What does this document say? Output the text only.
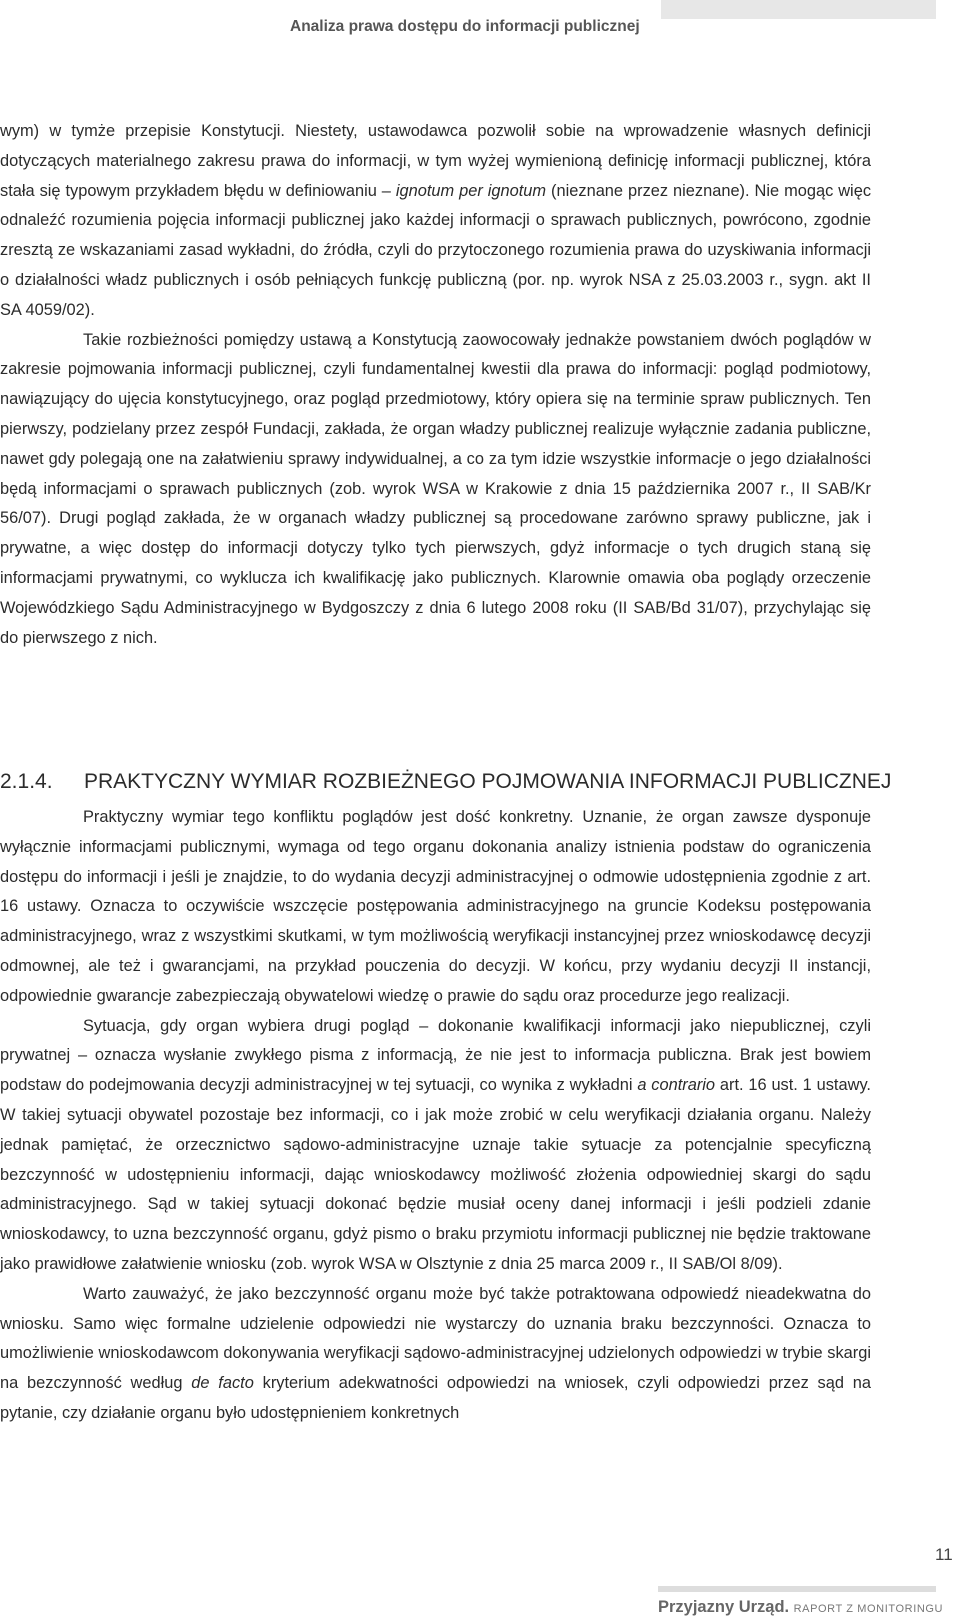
Analiza prawa dostępu do informacji publicznej

wym) w tymże przepisie Konstytucji. Niestety, ustawodawca pozwolił sobie na wprowadzenie własnych definicji dotyczących materialnego zakresu prawa do informacji, w tym wyżej wymienioną definicję informacji publicznej, która stała się typowym przykładem błędu w definiowaniu – ignotum per ignotum (nieznane przez nieznane). Nie mogąc więc odnaleźć rozumienia pojęcia informacji publicznej jako każdej informacji o sprawach publicznych, powrócono, zgodnie zresztą ze wskazaniami zasad wykładni, do źródła, czyli do przytoczonego rozumienia prawa do uzyskiwania informacji o działalności władz publicznych i osób pełniących funkcję publiczną (por. np. wyrok NSA z 25.03.2003 r., sygn. akt II SA 4059/02).

Takie rozbieżności pomiędzy ustawą a Konstytucją zaowocowały jednakże powstaniem dwóch poglądów w zakresie pojmowania informacji publicznej, czyli fundamentalnej kwestii dla prawa do informacji: pogląd podmiotowy, nawiązujący do ujęcia konstytucyjnego, oraz pogląd przedmiotowy, który opiera się na terminie spraw publicznych. Ten pierwszy, podzielany przez zespół Fundacji, zakłada, że organ władzy publicznej realizuje wyłącznie zadania publiczne, nawet gdy polegają one na załatwieniu sprawy indywidualnej, a co za tym idzie wszystkie informacje o jego działalności będą informacjami o sprawach publicznych (zob. wyrok WSA w Krakowie z dnia 15 października 2007 r., II SAB/Kr 56/07). Drugi pogląd zakłada, że w organach władzy publicznej są procedowane zarówno sprawy publiczne, jak i prywatne, a więc dostęp do informacji dotyczy tylko tych pierwszych, gdyż informacje o tych drugich staną się informacjami prywatnymi, co wyklucza ich kwalifikację jako publicznych. Klarownie omawia oba poglądy orzeczenie Wojewódzkiego Sądu Administracyjnego w Bydgoszczy z dnia 6 lutego 2008 roku (II SAB/Bd 31/07), przychylając się do pierwszego z nich.

2.1.4. PRAKTYCZNY WYMIAR ROZBIEŻNEGO POJMOWANIA INFORMACJI PUBLICZNEJ

Praktyczny wymiar tego konfliktu poglądów jest dość konkretny. Uznanie, że organ zawsze dysponuje wyłącznie informacjami publicznymi, wymaga od tego organu dokonania analizy istnienia podstaw do ograniczenia dostępu do informacji i jeśli je znajdzie, to do wydania decyzji administracyjnej o odmowie udostępnienia zgodnie z art. 16 ustawy. Oznacza to oczywiście wszczęcie postępowania administracyjnego na gruncie Kodeksu postępowania administracyjnego, wraz z wszystkimi skutkami, w tym możliwością weryfikacji instancyjnej przez wnioskodawcę decyzji odmownej, ale też i gwarancjami, na przykład pouczenia do decyzji. W końcu, przy wydaniu decyzji II instancji, odpowiednie gwarancje zabezpieczają obywatelowi wiedzę o prawie do sądu oraz procedurze jego realizacji.

Sytuacja, gdy organ wybiera drugi pogląd – dokonanie kwalifikacji informacji jako niepublicznej, czyli prywatnej – oznacza wysłanie zwykłego pisma z informacją, że nie jest to informacja publiczna. Brak jest bowiem podstaw do podejmowania decyzji administracyjnej w tej sytuacji, co wynika z wykładni a contrario art. 16 ust. 1 ustawy. W takiej sytuacji obywatel pozostaje bez informacji, co i jak może zrobić w celu weryfikacji działania organu. Należy jednak pamiętać, że orzecznictwo sądowo-administracyjne uznaje takie sytuacje za potencjalnie specyficzną bezczynność w udostępnieniu informacji, dając wnioskodawcy możliwość złożenia odpowiedniej skargi do sądu administracyjnego. Sąd w takiej sytuacji dokonać będzie musiał oceny danej informacji i jeśli podzieli zdanie wnioskodawcy, to uzna bezczynność organu, gdyż pismo o braku przymiotu informacji publicznej nie będzie traktowane jako prawidłowe załatwienie wniosku (zob. wyrok WSA w Olsztynie z dnia 25 marca 2009 r., II SAB/Ol 8/09).

Warto zauważyć, że jako bezczynność organu może być także potraktowana odpowiedź nieadekwatna do wniosku. Samo więc formalne udzielenie odpowiedzi nie wystarczy do uznania braku bezczynności. Oznacza to umożliwienie wnioskodawcom dokonywania weryfikacji sądowo-administracyjnej udzielonych odpowiedzi w trybie skargi na bezczynność według de facto kryterium adekwatności odpowiedzi na wniosek, czyli odpowiedzi przez sąd na pytanie, czy działanie organu było udostępnieniem konkretnych

11
Przyjazny Urząd. RAPORT Z MONITORINGU
